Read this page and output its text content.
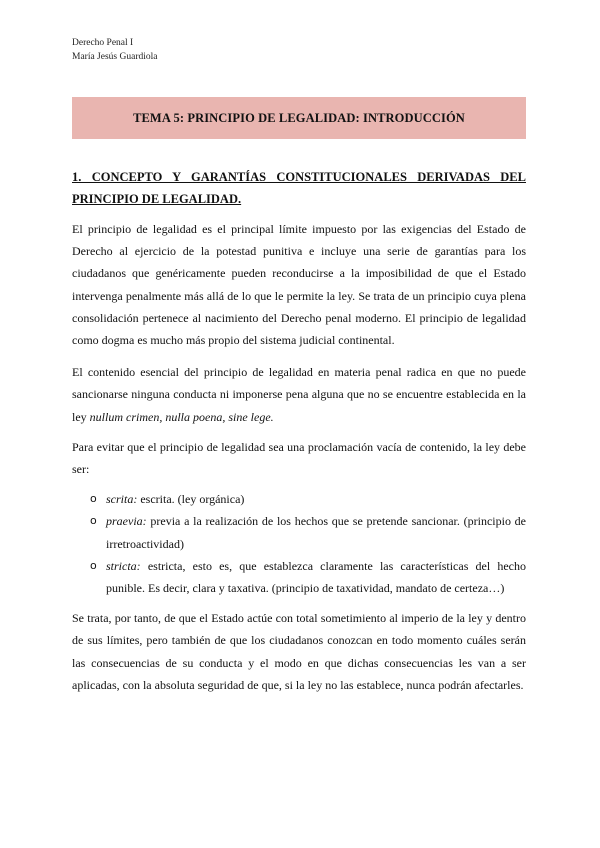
Derecho Penal I
María Jesús Guardiola
TEMA 5: PRINCIPIO DE LEGALIDAD: INTRODUCCIÓN

1. CONCEPTO Y GARANTÍAS CONSTITUCIONALES DERIVADAS DEL PRINCIPIO DE LEGALIDAD.

El principio de legalidad es el principal límite impuesto por las exigencias del Estado de Derecho al ejercicio de la potestad punitiva e incluye una serie de garantías para los ciudadanos que genéricamente pueden reconducirse a la imposibilidad de que el Estado intervenga penalmente más allá de lo que le permite la ley. Se trata de un principio cuya plena consolidación pertenece al nacimiento del Derecho penal moderno. El principio de legalidad como dogma es mucho más propio del sistema judicial continental.

El contenido esencial del principio de legalidad en materia penal radica en que no puede sancionarse ninguna conducta ni imponerse pena alguna que no se encuentre establecida en la ley nullum crimen, nulla poena, sine lege.

Para evitar que el principio de legalidad sea una proclamación vacía de contenido, la ley debe ser:

o scrita: escrita. (ley orgánica)
o praevia: previa a la realización de los hechos que se pretende sancionar. (principio de irretroactividad)
o stricta: estricta, esto es, que establezca claramente las características del hecho punible. Es decir, clara y taxativa. (principio de taxatividad, mandato de certeza…)

Se trata, por tanto, de que el Estado actúe con total sometimiento al imperio de la ley y dentro de sus límites, pero también de que los ciudadanos conozcan en todo momento cuáles serán las consecuencias de su conducta y el modo en que dichas consecuencias les van a ser aplicadas, con la absoluta seguridad de que, si la ley no las establece, nunca podrán afectarles.
